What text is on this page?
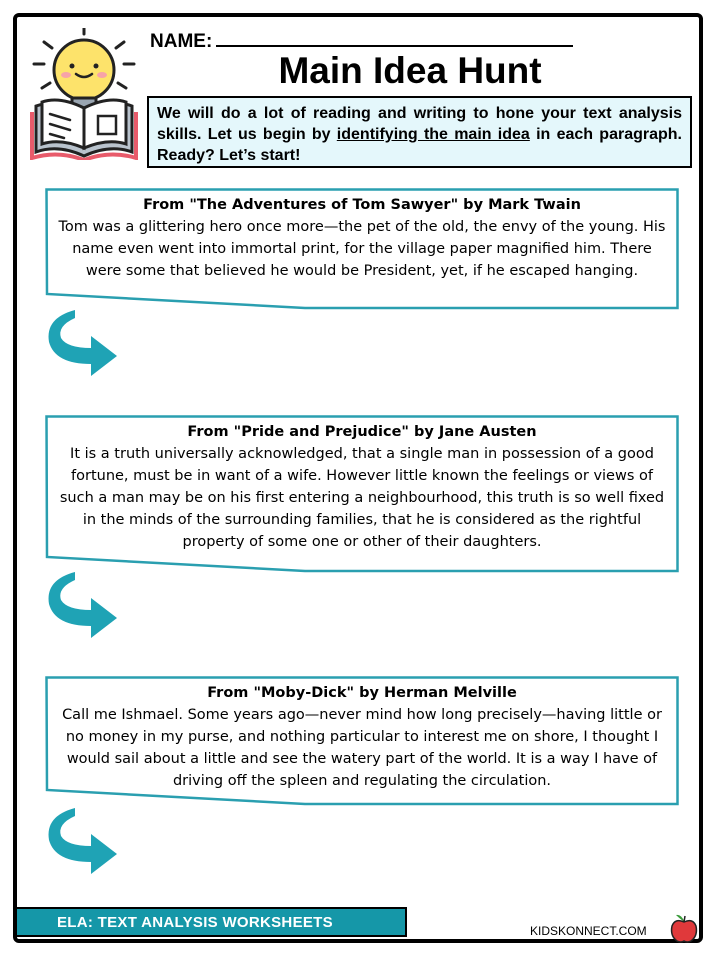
NAME:
Main Idea Hunt
We will do a lot of reading and writing to hone your text analysis skills. Let us begin by identifying the main idea in each paragraph. Ready? Let’s start!
From "The Adventures of Tom Sawyer" by Mark Twain
Tom was a glittering hero once more—the pet of the old, the envy of the young. His name even went into immortal print, for the village paper magnified him. There were some that believed he would be President, yet, if he escaped hanging.
From "Pride and Prejudice" by Jane Austen
It is a truth universally acknowledged, that a single man in possession of a good fortune, must be in want of a wife. However little known the feelings or views of such a man may be on his first entering a neighbourhood, this truth is so well fixed in the minds of the surrounding families, that he is considered as the rightful property of some one or other of their daughters.
From "Moby-Dick" by Herman Melville
Call me Ishmael. Some years ago—never mind how long precisely—having little or no money in my purse, and nothing particular to interest me on shore, I thought I would sail about a little and see the watery part of the world. It is a way I have of driving off the spleen and regulating the circulation.
ELA: TEXT ANALYSIS WORKSHEETS	KIDSKONNECT.COM
